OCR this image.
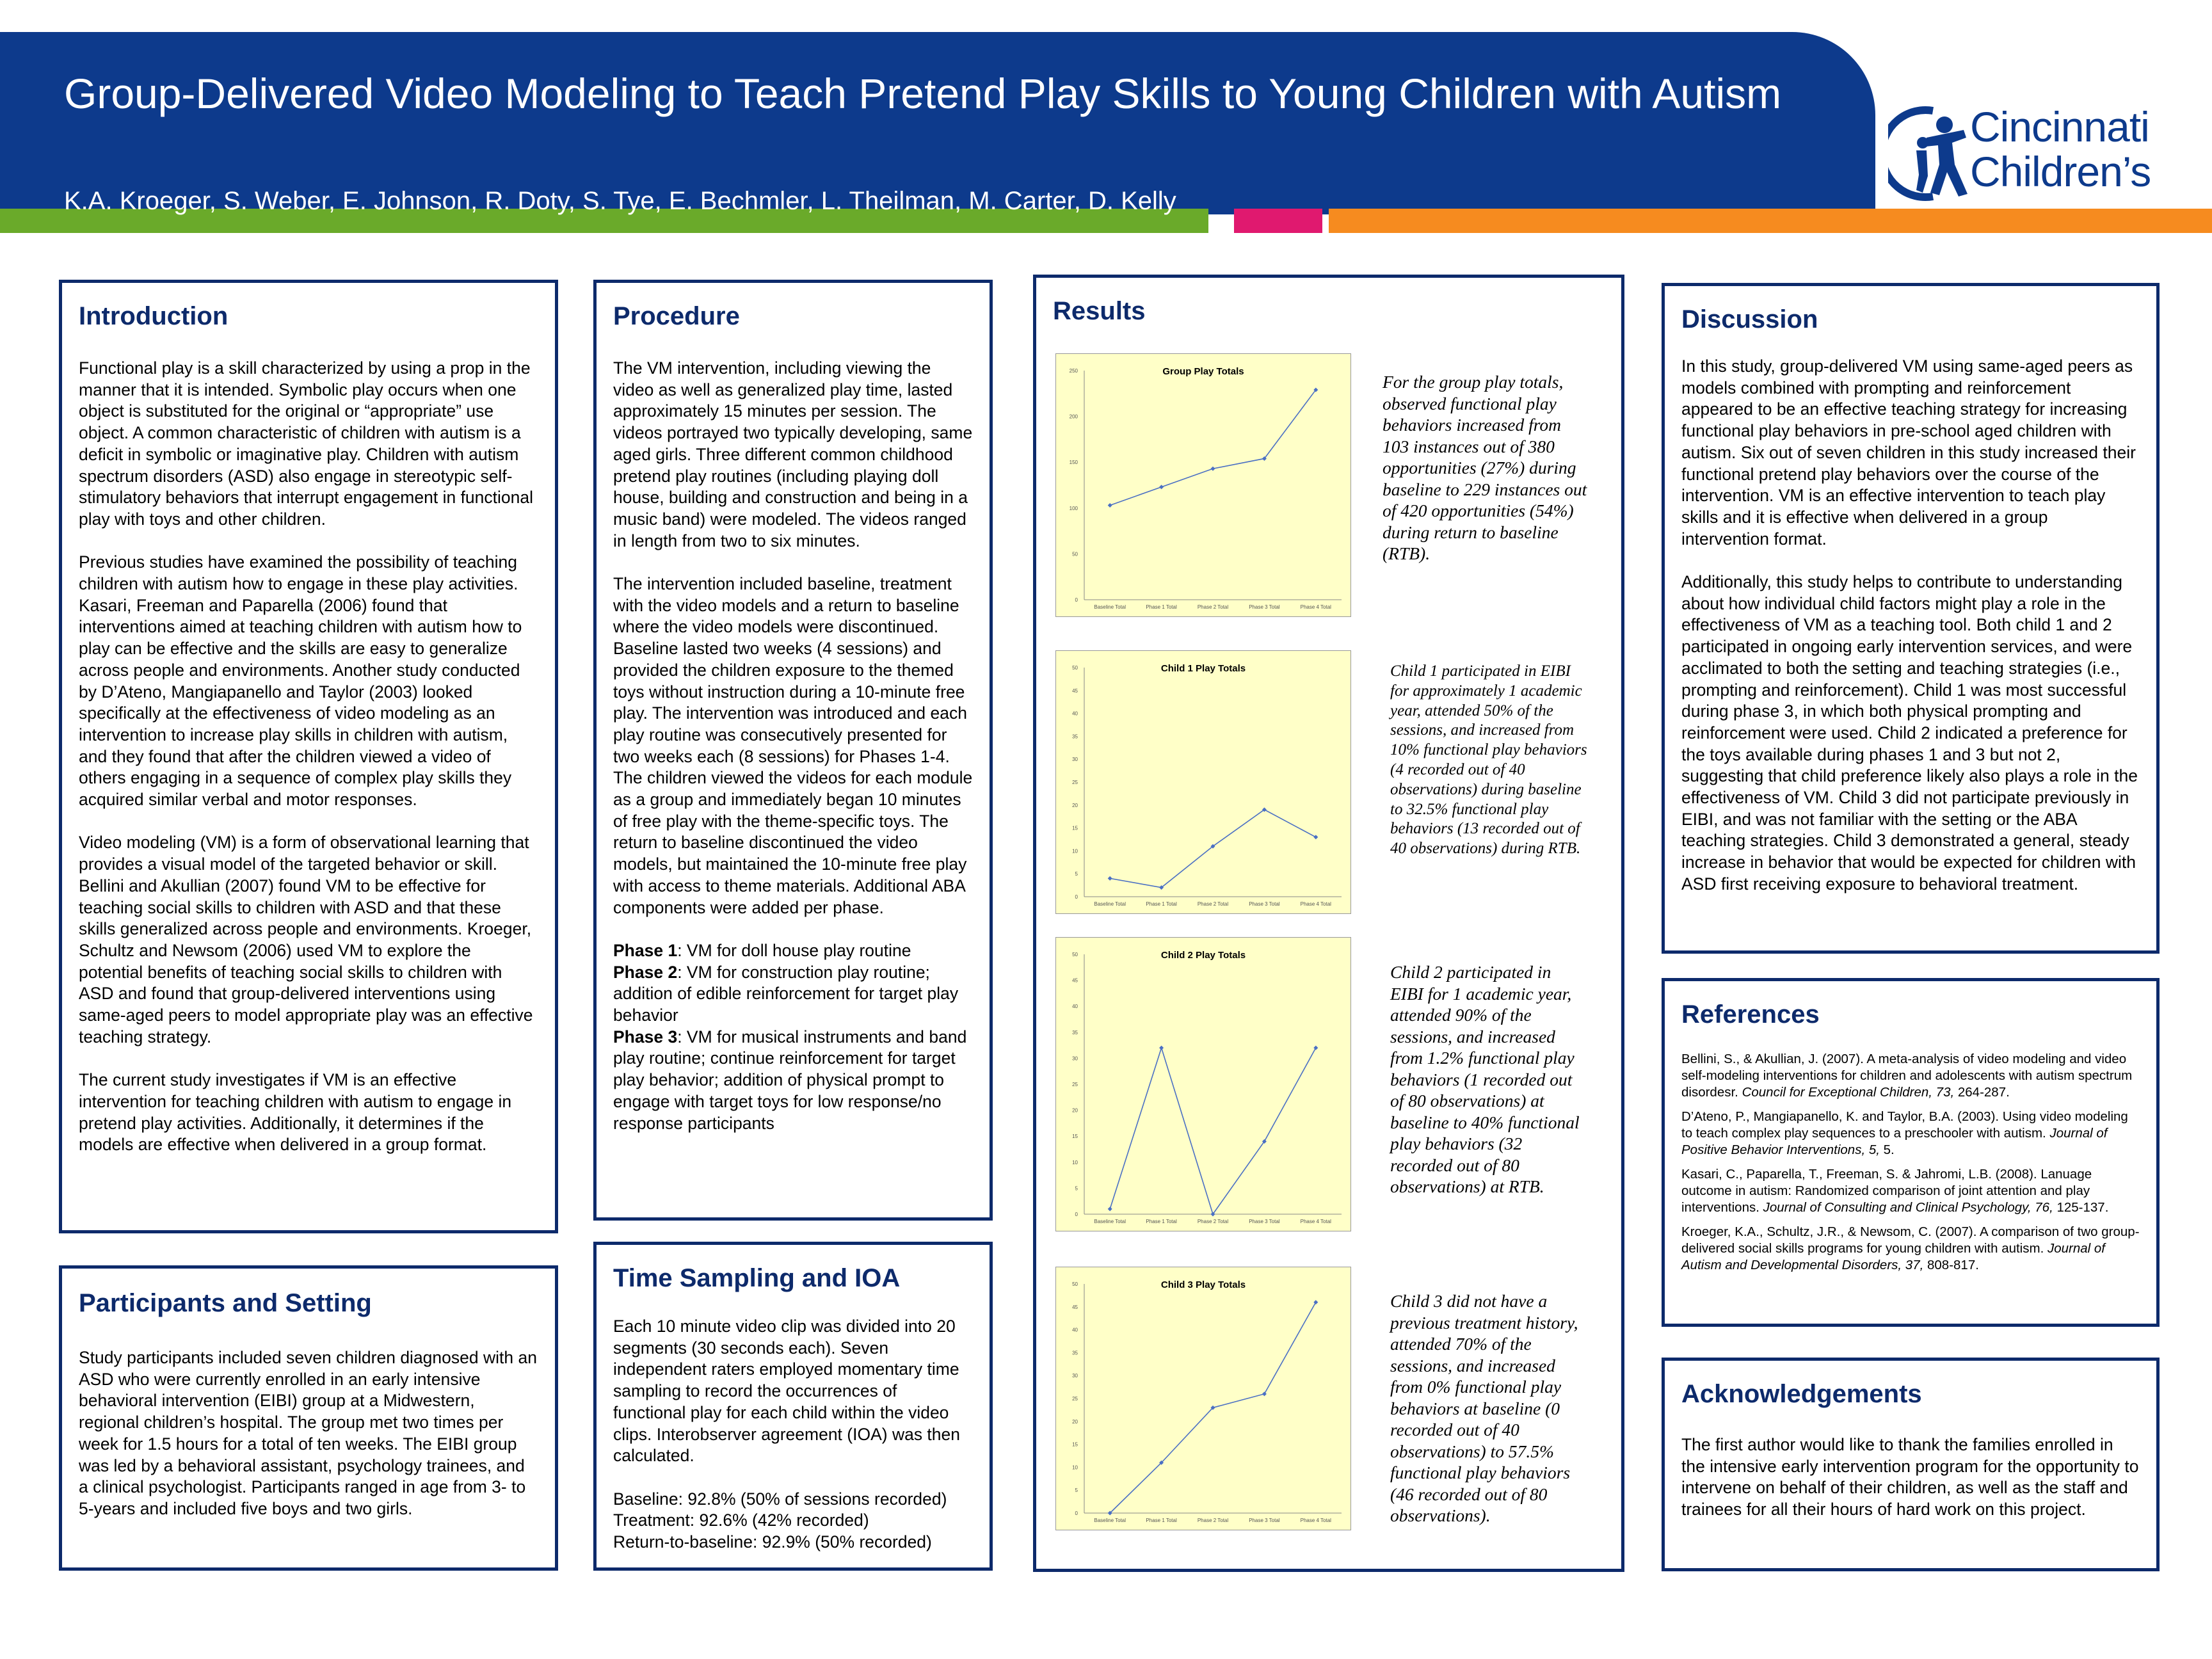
Group-Delivered Video Modeling to Teach Pretend Play Skills to Young Children with Autism
K.A. Kroeger, S. Weber, E. Johnson, R. Doty, S. Tye, E. Bechmler, L. Theilman, M. Carter, D. Kelly
Cincinnati
Children’s
Introduction

Functional play is a skill characterized by using a prop in the manner that it is intended. Symbolic play occurs when one object is substituted for the original or “appropriate” use object. A common characteristic of children with autism is a deficit in symbolic or imaginative play. Children with autism spectrum disorders (ASD) also engage in stereotypic self-stimulatory behaviors that interrupt engagement in functional play with toys and other children.

Previous studies have examined the possibility of teaching children with autism how to engage in these play activities. Kasari, Freeman and Paparella (2006) found that interventions aimed at teaching children with autism how to play can be effective and the skills are easy to generalize across people and environments. Another study conducted by D’Ateno, Mangiapanello and Taylor (2003) looked specifically at the effectiveness of video modeling as an intervention to increase play skills in children with autism, and they found that after the children viewed a video of others engaging in a sequence of complex play skills they acquired similar verbal and motor responses.

Video modeling (VM) is a form of observational learning that provides a visual model of the targeted behavior or skill. Bellini and Akullian (2007) found VM to be effective for teaching social skills to children with ASD and that these skills generalized across people and environments. Kroeger, Schultz and Newsom (2006) used VM to explore the potential benefits of teaching social skills to children with ASD and found that group-delivered interventions using same-aged peers to model appropriate play was an effective teaching strategy.

The current study investigates if VM is an effective intervention for teaching children with autism to engage in pretend play activities. Additionally, it determines if the models are effective when delivered in a group format.

Participants and Setting

Study participants included seven children diagnosed with an ASD who were currently enrolled in an early intensive behavioral intervention (EIBI) group at a Midwestern, regional children’s hospital. The group met two times per week for 1.5 hours for a total of ten weeks. The EIBI group was led by a behavioral assistant, psychology trainees, and a clinical psychologist. Participants ranged in age from 3- to 5-years and included five boys and two girls.

Procedure

The VM intervention, including viewing the video as well as generalized play time, lasted approximately 15 minutes per session. The videos portrayed two typically developing, same aged girls. Three different common childhood pretend play routines (including playing doll house, building and construction and being in a music band) were modeled. The videos ranged in length from two to six minutes.

The intervention included baseline, treatment with the video models and a return to baseline where the video models were discontinued. Baseline lasted two weeks (4 sessions) and provided the children exposure to the themed toys without instruction during a 10-minute free play. The intervention was introduced and each play routine was consecutively presented for two weeks each (8 sessions) for Phases 1-4. The children viewed the videos for each module as a group and immediately began 10 minutes of free play with the theme-specific toys. The return to baseline discontinued the video models, but maintained the 10-minute free play with access to theme materials. Additional ABA components were added per phase.

Phase 1: VM for doll house play routine

Phase 2: VM for construction play routine; addition of edible reinforcement for target play behavior

Phase 3: VM for musical instruments and band play routine; continue reinforcement for target play behavior; addition of physical prompt to engage with target toys for low response/no response participants

Time Sampling and IOA

Each 10 minute video clip was divided into 20 segments (30 seconds each). Seven independent raters employed momentary time sampling to record the occurrences of functional play for each child within the video clips. Interobserver agreement (IOA) was then calculated.

Baseline: 92.8% (50% of sessions recorded)

Treatment: 92.6% (42% recorded)

Return-to-baseline: 92.9% (50% recorded)

Results
Group Play Totals
0
50
100
150
200
250
Baseline Total	Phase 1 Total	Phase 2 Total	Phase 3 Total	Phase 4 Total
Child 1 Play Totals
0
5
10
15
20
25
30
35
40
45
50
Baseline Total	Phase 1 Total	Phase 2 Total	Phase 3 Total	Phase 4 Total
Child 2 Play Totals
0
5
10
15
20
25
30
35
40
45
50
Baseline Total	Phase 1 Total	Phase 2 Total	Phase 3 Total	Phase 4 Total
Child 3 Play Totals
0
5
10
15
20
25
30
35
40
45
50
Baseline Total	Phase 1 Total	Phase 2 Total	Phase 3 Total	Phase 4 Total
For the group play totals, observed functional play behaviors increased from 103 instances out of 380 opportunities (27%) during baseline to 229 instances out of 420 opportunities (54%) during return to baseline (RTB).
Child 1 participated in EIBI for approximately 1 academic year, attended 50% of the sessions, and increased from 10% functional play behaviors (4 recorded out of 40 observations) during baseline to 32.5% functional play behaviors (13 recorded out of 40 observations) during RTB.
Child 2 participated in EIBI for 1 academic year, attended 90% of the sessions, and increased from 1.2% functional play behaviors (1 recorded out of 80 observations) at baseline to 40% functional play behaviors (32 recorded out of 80 observations) at RTB.
Child 3 did not have a previous treatment history, attended 70% of the sessions, and increased from 0% functional play behaviors at baseline (0 recorded out of 40 observations) to 57.5% functional play behaviors (46 recorded out of 80 observations).
Discussion

In this study, group-delivered VM using same-aged peers as models combined with prompting and reinforcement appeared to be an effective teaching strategy for increasing functional play behaviors in pre-school aged children with autism. Six out of seven children in this study increased their functional pretend play behaviors over the course of the intervention. VM is an effective intervention to teach play skills and it is effective when delivered in a group intervention format.

Additionally, this study helps to contribute to understanding about how individual child factors might play a role in the effectiveness of VM as a teaching tool. Both child 1 and 2 participated in ongoing early intervention services, and were acclimated to both the setting and teaching strategies (i.e., prompting and reinforcement). Child 1 was most successful during phase 3, in which both physical prompting and reinforcement were used. Child 2 indicated a preference for the toys available during phases 1 and 3 but not 2, suggesting that child preference likely also plays a role in the effectiveness of VM. Child 3 did not participate previously in EIBI, and was not familiar with the setting or the ABA teaching strategies. Child 3 demonstrated a general, steady increase in behavior that would be expected for children with ASD first receiving exposure to behavioral treatment.

References

Bellini, S., & Akullian, J. (2007). A meta-analysis of video modeling and video self-modeling interventions for children and adolescents with autism spectrum disordesr. Council for Exceptional Children, 73, 264-287.

D’Ateno, P., Mangiapanello, K. and Taylor, B.A. (2003). Using video modeling to teach complex play sequences to a preschooler with autism. Journal of Positive Behavior Interventions, 5, 5.

Kasari, C., Paparella, T., Freeman, S. & Jahromi, L.B. (2008). Lanuage outcome in autism: Randomized comparison of joint attention and play interventions. Journal of Consulting and Clinical Psychology, 76, 125-137.

Kroeger, K.A., Schultz, J.R., & Newsom, C. (2007). A comparison of two group-delivered social skills programs for young children with autism. Journal of Autism and Developmental Disorders, 37, 808-817.

Acknowledgements

The first author would like to thank the families enrolled in the intensive early intervention program for the opportunity to intervene on behalf of their children, as well as the staff and trainees for all their hours of hard work on this project.
